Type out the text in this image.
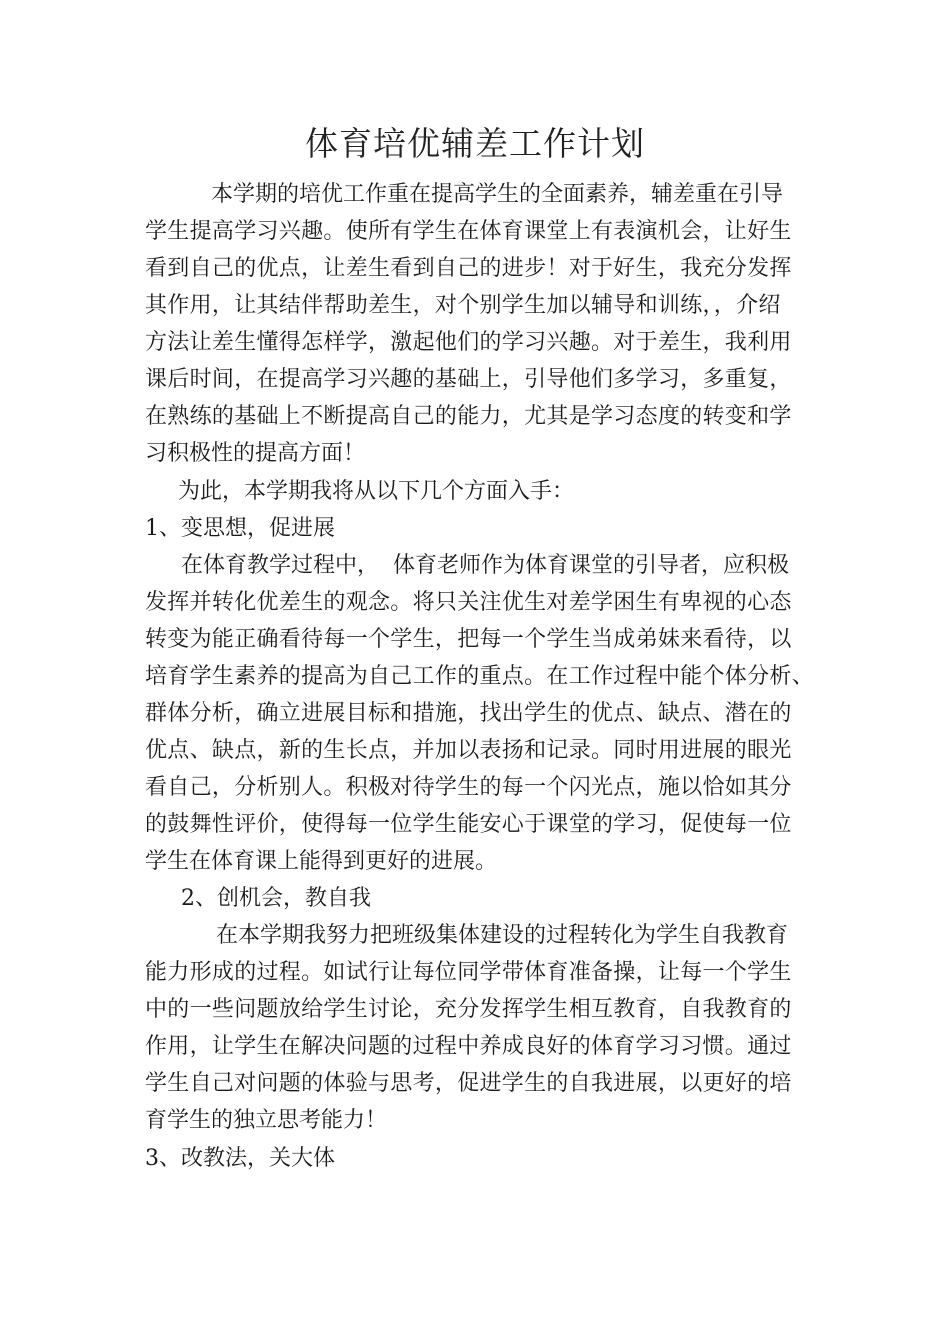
体育培优辅差工作计划
本学期的培优工作重在提高学生的全面素养，辅差重在引导
学生提高学习兴趣。使所有学生在体育课堂上有表演机会，让好生
看到自己的优点，让差生看到自己的进步！对于好生，我充分发挥
其作用，让其结伴帮助差生，对个别学生加以辅导和训练，，介绍
方法让差生懂得怎样学，激起他们的学习兴趣。对于差生，我利用
课后时间，在提高学习兴趣的基础上，引导他们多学习，多重复，
在熟练的基础上不断提高自己的能力，尤其是学习态度的转变和学
习积极性的提高方面！
为此，本学期我将从以下几个方面入手：
1、变思想，促进展
在体育教学过程中，  体育老师作为体育课堂的引导者，应积极
发挥并转化优差生的观念。将只关注优生对差学困生有卑视的心态
转变为能正确看待每一个学生，把每一个学生当成弟妹来看待，以
培育学生素养的提高为自己工作的重点。在工作过程中能个体分析、
群体分析，确立进展目标和措施，找出学生的优点、缺点、潜在的
优点、缺点，新的生长点，并加以表扬和记录。同时用进展的眼光
看自己，分析别人。积极对待学生的每一个闪光点，施以恰如其分
的鼓舞性评价，使得每一位学生能安心于课堂的学习，促使每一位
学生在体育课上能得到更好的进展。
2、创机会，教自我
在本学期我努力把班级集体建设的过程转化为学生自我教育
能力形成的过程。如试行让每位同学带体育准备操，让每一个学生
中的一些问题放给学生讨论，充分发挥学生相互教育，自我教育的
作用，让学生在解决问题的过程中养成良好的体育学习习惯。通过
学生自己对问题的体验与思考，促进学生的自我进展，以更好的培
育学生的独立思考能力！
3、改教法，关大体
